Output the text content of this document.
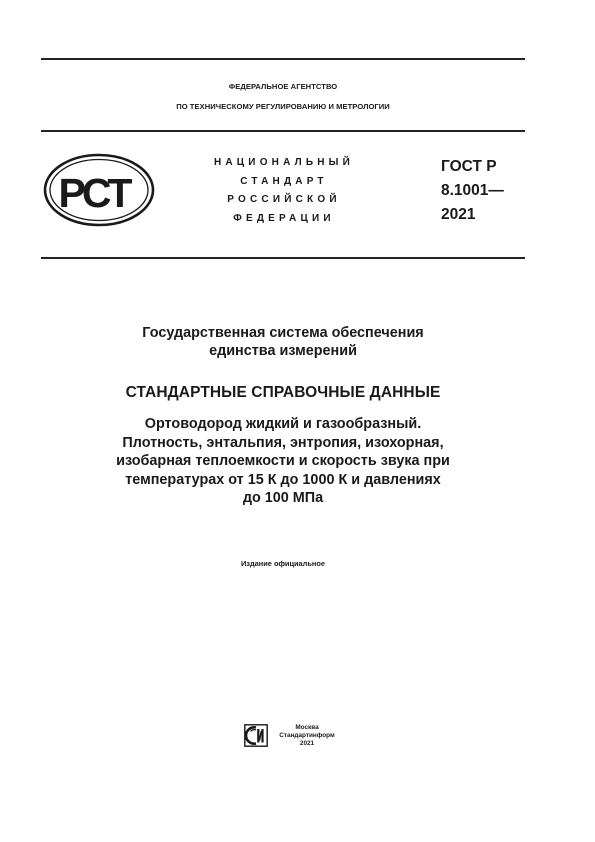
ФЕДЕРАЛЬНОЕ АГЕНТСТВО
ПО ТЕХНИЧЕСКОМУ РЕГУЛИРОВАНИЮ И МЕТРОЛОГИИ
РСТ
НАЦИОНАЛЬНЫЙ
СТАНДАРТ
РОССИЙСКОЙ
ФЕДЕРАЦИИ
ГОСТ Р
8.1001—
2021
Государственная система обеспечения
единства измерений
СТАНДАРТНЫЕ СПРАВОЧНЫЕ ДАННЫЕ
Ортоводород жидкий и газообразный.
Плотность, энтальпия, энтропия, изохорная,
изобарная теплоемкости и скорость звука при
температурах от 15 К до 1000 К и давлениях
до 100 МПа
Издание официальное
Москва
Стандартинформ
2021
